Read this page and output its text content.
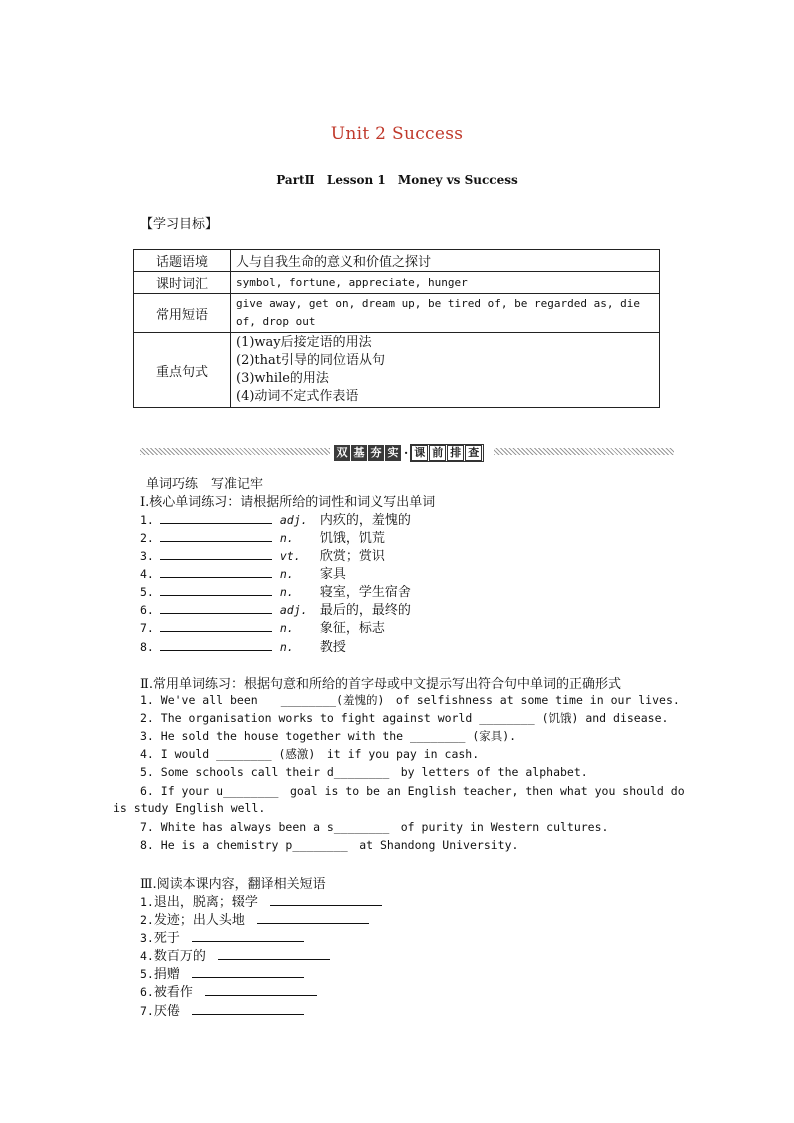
Unit 2 Success
PartⅡ Lesson 1 Money vs Success
【学习目标】
话题语境	人与自我生命的意义和价值之探讨
课时词汇	symbol, fortune, appreciate, hunger
常用短语	give away, get on, dream up, be tired of, be regarded as, die of, drop out
重点句式	(1)way后接定语的用法
(2)that引导的同位语从句
(3)while的用法
(4)动词不定式作表语
双 基 夯 实 · 课 前 排 查
单词巧练　写准记牢
Ⅰ.核心单词练习：请根据所给的词性和词义写出单词
1.	adj. 内疚的，羞愧的
2.	n. 饥饿，饥荒
3.	vt. 欣赏；赏识
4.	n. 家具
5.	n. 寝室，学生宿舍
6.	adj. 最后的，最终的
7.	n. 象征，标志
8.	n. 教授
Ⅱ.常用单词练习：根据句意和所给的首字母或中文提示写出符合句中单词的正确形式
1. We've all been　　________(羞愧的)　of selfishness at some time in our lives.
2. The organisation works to fight against world ________ (饥饿) and disease.
3. He sold the house together with the ________ (家具).
4. I would ________ (感激)　it if you pay in cash.
5. Some schools call their d________　by letters of the alphabet.
6. If your u________　goal is to be an English teacher, then what you should do
is study English well.
7. White has always been a s________　of purity in Western cultures.
8. He is a chemistry p________　at Shandong University.
Ⅲ.阅读本课内容，翻译相关短语
1.退出，脱离；辍学
2.发迹；出人头地
3.死于
4.数百万的
5.捐赠
6.被看作
7.厌倦
